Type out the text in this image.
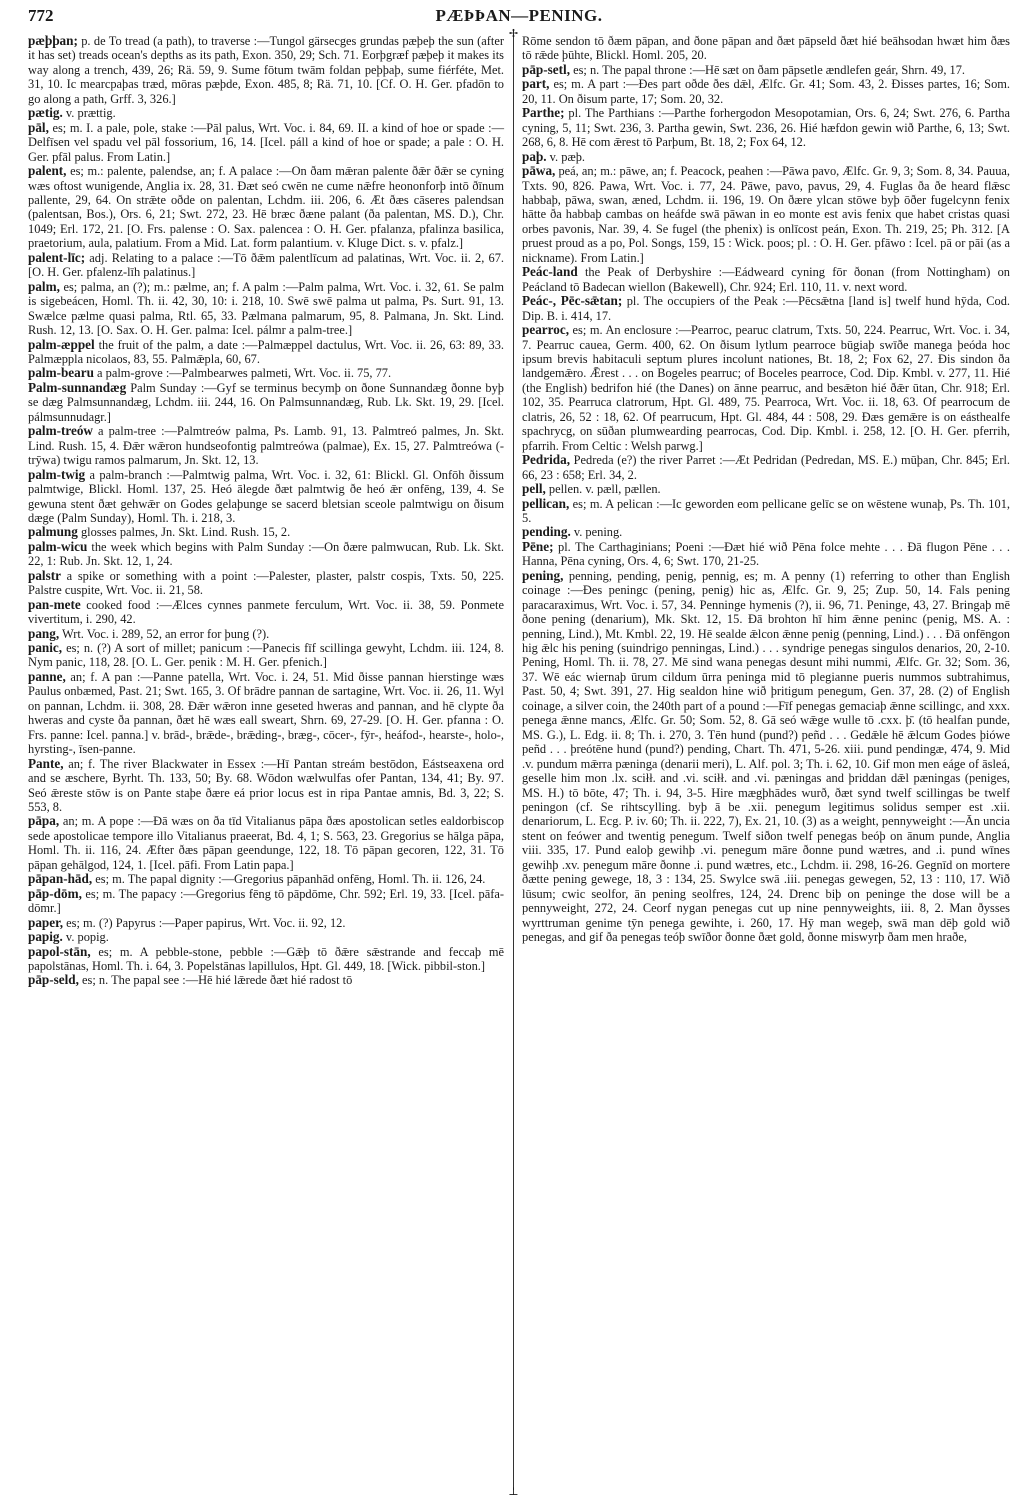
772	PÆÞÞAN—PENING.
✢
⊥

pæþþan; p. de To tread (a path), to traverse :—Tungol gärsecges grundas pæþeþ the sun (after it has set) treads ocean's depths as its path, Exon. 350, 29; Sch. 71. Eorþgræf pæþeþ it makes its way along a trench, 439, 26; Rä. 59, 9. Sume fōtum twām foldan peþþaþ, sume fiérféte, Met. 31, 10. Ic mearcpaþas træd, mōras pæþde, Exon. 485, 8; Rä. 71, 10. [Cf. O. H. Ger. pfadōn to go along a path, Grff. 3, 326.]

pætig. v. prættig.

pāl, es; m. I. a pale, pole, stake :—Pāl palus, Wrt. Voc. i. 84, 69. II. a kind of hoe or spade :—Delfīsen vel spadu vel pāl fossorium, 16, 14. [Icel. páll a kind of hoe or spade; a pale : O. H. Ger. pfāl palus. From Latin.]

palent, es; m.: palente, palendse, an; f. A palace :—On ðam mǣran palente ðǣr ðǣr se cyning wæs oftost wunigende, Anglia ix. 28, 31. Ðæt seó cwēn ne cume nǣfre heononforþ intō ðīnum pallente, 29, 64. On strǣte oðde on palentan, Lchdm. iii. 206, 6. Æt ðæs cāseres palendsan (palentsan, Bos.), Ors. 6, 21; Swt. 272, 23. Hē bræc ðæne palant (ða palentan, MS. D.), Chr. 1049; Erl. 172, 21. [O. Frs. palense : O. Sax. palencea : O. H. Ger. pfalanza, pfalinza basilica, praetorium, aula, palatium. From a Mid. Lat. form palantium. v. Kluge Dict. s. v. pfalz.]

palent-līc; adj. Relating to a palace :—Tō ðǣm palentlīcum ad palatinas, Wrt. Voc. ii. 2, 67. [O. H. Ger. pfalenz-līh palatinus.]

palm, es; palma, an (?); m.: pælme, an; f. A palm :—Palm palma, Wrt. Voc. i. 32, 61. Se palm is sigebeácen, Homl. Th. ii. 42, 30, 10: i. 218, 10. Swē swē palma ut palma, Ps. Surt. 91, 13. Swælce pælme quasi palma, Rtl. 65, 33. Pælmana palmarum, 95, 8. Palmana, Jn. Skt. Lind. Rush. 12, 13. [O. Sax. O. H. Ger. palma: Icel. pálmr a palm-tree.]

palm-æppel the fruit of the palm, a date :—Palmæppel dactulus, Wrt. Voc. ii. 26, 63: 89, 33. Palmæppla nicolaos, 83, 55. Palmǣpla, 60, 67.

palm-bearu a palm-grove :—Palmbearwes palmeti, Wrt. Voc. ii. 75, 77.

Palm-sunnandæg Palm Sunday :—Gyf se terminus becymþ on ðone Sunnandæg ðonne byþ se dæg Palmsunnandæg, Lchdm. iii. 244, 16. On Palmsunnandæg, Rub. Lk. Skt. 19, 29. [Icel. pálmsunnudagr.]

palm-treów a palm-tree :—Palmtreów palma, Ps. Lamb. 91, 13. Palmtreó palmes, Jn. Skt. Lind. Rush. 15, 4. Ðǣr wǣron hundseofontig palmtreówa (palmae), Ex. 15, 27. Palmtreówa (-trȳwa) twigu ramos palmarum, Jn. Skt. 12, 13.

palm-twig a palm-branch :—Palmtwig palma, Wrt. Voc. i. 32, 61: Blickl. Gl. Onfōh ðissum palmtwige, Blickl. Homl. 137, 25. Heó ālegde ðæt palmtwig ðe heó ǣr onfēng, 139, 4. Se gewuna stent ðæt gehwǣr on Godes gelaþunge se sacerd bletsian sceole palmtwigu on ðisum dæge (Palm Sunday), Homl. Th. i. 218, 3.

palmung glosses palmes, Jn. Skt. Lind. Rush. 15, 2.

palm-wicu the week which begins with Palm Sunday :—On ðære palmwucan, Rub. Lk. Skt. 22, 1: Rub. Jn. Skt. 12, 1, 24.

palstr a spike or something with a point :—Palester, plaster, palstr cospis, Txts. 50, 225. Palstre cuspite, Wrt. Voc. ii. 21, 58.

pan-mete cooked food :—Ælces cynnes panmete ferculum, Wrt. Voc. ii. 38, 59. Ponmete vivertitum, i. 290, 42.

pang, Wrt. Voc. i. 289, 52, an error for þung (?).

panic, es; n. (?) A sort of millet; panicum :—Panecis fīf scillinga gewyht, Lchdm. iii. 124, 8. Nym panic, 118, 28. [O. L. Ger. penik : M. H. Ger. pfenich.]

panne, an; f. A pan :—Panne patella, Wrt. Voc. i. 24, 51. Mid ðisse pannan hierstinge wæs Paulus onbæmed, Past. 21; Swt. 165, 3. Of brādre pannan de sartagine, Wrt. Voc. ii. 26, 11. Wyl on pannan, Lchdm. ii. 308, 28. Ðǣr wǣron inne geseted hweras and pannan, and hē clypte ða hweras and cyste ða pannan, ðæt hē wæs eall sweart, Shrn. 69, 27-29. [O. H. Ger. pfanna : O. Frs. panne: Icel. panna.] v. brād-, brǣde-, brǣding-, bræg-, cōcer-, fȳr-, heáfod-, hearste-, holo-, hyrsting-, īsen-panne.

Pante, an; f. The river Blackwater in Essex :—Hī Pantan streám bestōdon, Eástseaxena ord and se æschere, Byrht. Th. 133, 50; By. 68. Wōdon wælwulfas ofer Pantan, 134, 41; By. 97. Seó ǣreste stōw is on Pante staþe ðære eá prior locus est in ripa Pantae amnis, Bd. 3, 22; S. 553, 8.

pāpa, an; m. A pope :—Ðā wæs on ða tīd Vitalianus pāpa ðæs apostolican setles ealdorbiscop sede apostolicae tempore illo Vitalianus praeerat, Bd. 4, 1; S. 563, 23. Gregorius se hālga pāpa, Homl. Th. ii. 116, 24. Æfter ðæs pāpan geendunge, 122, 18. Tō pāpan gecoren, 122, 31. Tō pāpan gehālgod, 124, 1. [Icel. pāfi. From Latin papa.]

pāpan-hād, es; m. The papal dignity :—Gregorius pāpanhād onfēng, Homl. Th. ii. 126, 24.

pāp-dōm, es; m. The papacy :—Gregorius fēng tō pāpdōme, Chr. 592; Erl. 19, 33. [Icel. pāfa-dōmr.]

paper, es; m. (?) Papyrus :—Paper papirus, Wrt. Voc. ii. 92, 12.

papig. v. popig.

papol-stān, es; m. A pebble-stone, pebble :—Gǣþ tō ðǣre sǣstrande and feccaþ mē papolstānas, Homl. Th. i. 64, 3. Popelstānas lapillulos, Hpt. Gl. 449, 18. [Wick. pibbil-ston.]

pāp-seld, es; n. The papal see :—Hē hié lǣrede ðæt hié radost tō

Rōme sendon tō ðæm pāpan, and ðone pāpan and ðæt pāpseld ðæt hié beāhsodan hwæt him ðæs tō rǣde þūhte, Blickl. Homl. 205, 20.

pāp-setl, es; n. The papal throne :—Hē sæt on ðam pāpsetle ændlefen geár, Shrn. 49, 17.

part, es; m. A part :—Ðes part oðde ðes dǣl, Ælfc. Gr. 41; Som. 43, 2. Ðisses partes, 16; Som. 20, 11. On ðisum parte, 17; Som. 20, 32.

Parthe; pl. The Parthians :—Parthe forhergodon Mesopotamian, Ors. 6, 24; Swt. 276, 6. Partha cyning, 5, 11; Swt. 236, 3. Partha gewin, Swt. 236, 26. Hié hæfdon gewin wið Parthe, 6, 13; Swt. 268, 6, 8. Hē com ǣrest tō Parþum, Bt. 18, 2; Fox 64, 12.

paþ. v. pæþ.

pāwa, peá, an; m.: pāwe, an; f. Peacock, peahen :—Pāwa pavo, Ælfc. Gr. 9, 3; Som. 8, 34. Pauua, Txts. 90, 826. Pawa, Wrt. Voc. i. 77, 24. Pāwe, pavo, pavus, 29, 4. Fuglas ða ðe heard flǣsc habbaþ, pāwa, swan, æned, Lchdm. ii. 196, 19. On ðære ylcan stōwe byþ ōðer fugelcynn fenix hātte ða habbaþ cambas on heáfde swā pāwan in eo monte est avis fenix que habet cristas quasi orbes pavonis, Nar. 39, 4. Se fugel (the phenix) is onlīcost peán, Exon. Th. 219, 25; Ph. 312. [A pruest proud as a po, Pol. Songs, 159, 15 : Wick. poos; pl. : O. H. Ger. pfāwo : Icel. pā or pāi (as a nickname). From Latin.]

Peác-land the Peak of Derbyshire :—Eádweard cyning fōr ðonan (from Nottingham) on Peácland tō Badecan wiellon (Bakewell), Chr. 924; Erl. 110, 11. v. next word.

Peác-, Pēc-sǣtan; pl. The occupiers of the Peak :—Pēcsǣtna [land is] twelf hund hȳda, Cod. Dip. B. i. 414, 17.

pearroc, es; m. An enclosure :—Pearroc, pearuc clatrum, Txts. 50, 224. Pearruc, Wrt. Voc. i. 34, 7. Pearruc cauea, Germ. 400, 62. On ðisum lytlum pearroce būgiaþ swīðe manega þeóda hoc ipsum brevis habitaculi septum plures incolunt nationes, Bt. 18, 2; Fox 62, 27. Ðis sindon ða landgemǣro. Ǣrest . . . on Bogeles pearruc; of Boceles pearroce, Cod. Dip. Kmbl. v. 277, 11. Hié (the English) bedrifon hié (the Danes) on ānne pearruc, and besǣton hié ðǣr ūtan, Chr. 918; Erl. 102, 35. Pearruca clatrorum, Hpt. Gl. 489, 75. Pearroca, Wrt. Voc. ii. 18, 63. Of pearrocum de clatris, 26, 52 : 18, 62. Of pearrucum, Hpt. Gl. 484, 44 : 508, 29. Ðæs gemǣre is on eásthealfe spachrycg, on sūðan plumwearding pearrocas, Cod. Dip. Kmbl. i. 258, 12. [O. H. Ger. pferrih, pfarrih. From Celtic : Welsh parwg.]

Pedrida, Pedreda (e?) the river Parret :—Æt Pedridan (Pedredan, MS. E.) mūþan, Chr. 845; Erl. 66, 23 : 658; Erl. 34, 2.

pell, pellen. v. pæll, pællen.

pellican, es; m. A pelican :—Ic geworden eom pellicane gelīc se on wēstene wunaþ, Ps. Th. 101, 5.

pending. v. pening.

Pēne; pl. The Carthaginians; Poeni :—Ðæt hié wið Pēna folce mehte . . . Ðā flugon Pēne . . . Hanna, Pēna cyning, Ors. 4, 6; Swt. 170, 21-25.

pening, penning, pending, penig, pennig, es; m. A penny (1) referring to other than English coinage :—Ðes peningc (pening, penig) hic as, Ælfc. Gr. 9, 25; Zup. 50, 14. Fals pening paracaraximus, Wrt. Voc. i. 57, 34. Penninge hymenis (?), ii. 96, 71. Peninge, 43, 27. Bringaþ mē ðone pening (denarium), Mk. Skt. 12, 15. Ðā brohton hī him ǣnne peninc (penig, MS. A. : penning, Lind.), Mt. Kmbl. 22, 19. Hē sealde ǣlcon ǣnne penig (penning, Lind.) . . . Ðā onfēngon hig ǣlc his pening (suindrigo penningas, Lind.) . . . syndrige penegas singulos denarios, 20, 2-10. Pening, Homl. Th. ii. 78, 27. Mē sind wana penegas desunt mihi nummi, Ælfc. Gr. 32; Som. 36, 37. Wē eác wiernaþ ūrum cildum ūrra peninga mid tō plegianne pueris nummos subtrahimus, Past. 50, 4; Swt. 391, 27. Hig sealdon hine wið þritigum penegum, Gen. 37, 28. (2) of English coinage, a silver coin, the 240th part of a pound :—Fīf penegas gemaciaþ ǣnne scillingc, and xxx. penega ǣnne mancs, Ælfc. Gr. 50; Som. 52, 8. Gā seó wǣge wulle tō .cxx. þ̄. (tō healfan punde, MS. G.), L. Edg. ii. 8; Th. i. 270, 3. Tēn hund (pund?) peñd . . . Gedǣle hē ǣlcum Godes þiówe peñd . . . þreótēne hund (pund?) pending, Chart. Th. 471, 5-26. xiii. pund pendingæ, 474, 9. Mid .v. pundum mǣrra pæninga (denarii meri), L. Alf. pol. 3; Th. i. 62, 10. Gif mon men eáge of āsleá, geselle him mon .lx. sciłł. and .vi. sciłł. and .vi. pæningas and þriddan dǣl pæningas (peniges, MS. H.) tō bōte, 47; Th. i. 94, 3-5. Hire mægþhādes wurð, ðæt synd twelf scillingas be twelf peningon (cf. Se rihtscylling. byþ ā be .xii. penegum legitimus solidus semper est .xii. denariorum, L. Ecg. P. iv. 60; Th. ii. 222, 7), Ex. 21, 10. (3) as a weight, pennyweight :—Ān uncia stent on feówer and twentig penegum. Twelf siðon twelf penegas beóþ on ānum punde, Anglia viii. 335, 17. Pund ealoþ gewihþ .vi. penegum māre ðonne pund wætres, and .i. pund wīnes gewihþ .xv. penegum māre ðonne .i. pund wætres, etc., Lchdm. ii. 298, 16-26. Gegnīd on mortere ðætte pening gewege, 18, 3 : 134, 25. Swylce swā .iii. penegas gewegen, 52, 13 : 110, 17. Wið lūsum; cwic seolfor, ān pening seolfres, 124, 24. Drenc biþ on peninge the dose will be a pennyweight, 272, 24. Ceorf nygan penegas cut up nine pennyweights, iii. 8, 2. Man ðysses wyrttruman genime tȳn penega gewihte, i. 260, 17. Hȳ man wegeþ, swā man dēþ gold wið penegas, and gif ða penegas teóþ swīðor ðonne ðæt gold, ðonne miswyrþ ðam men hraðe,
